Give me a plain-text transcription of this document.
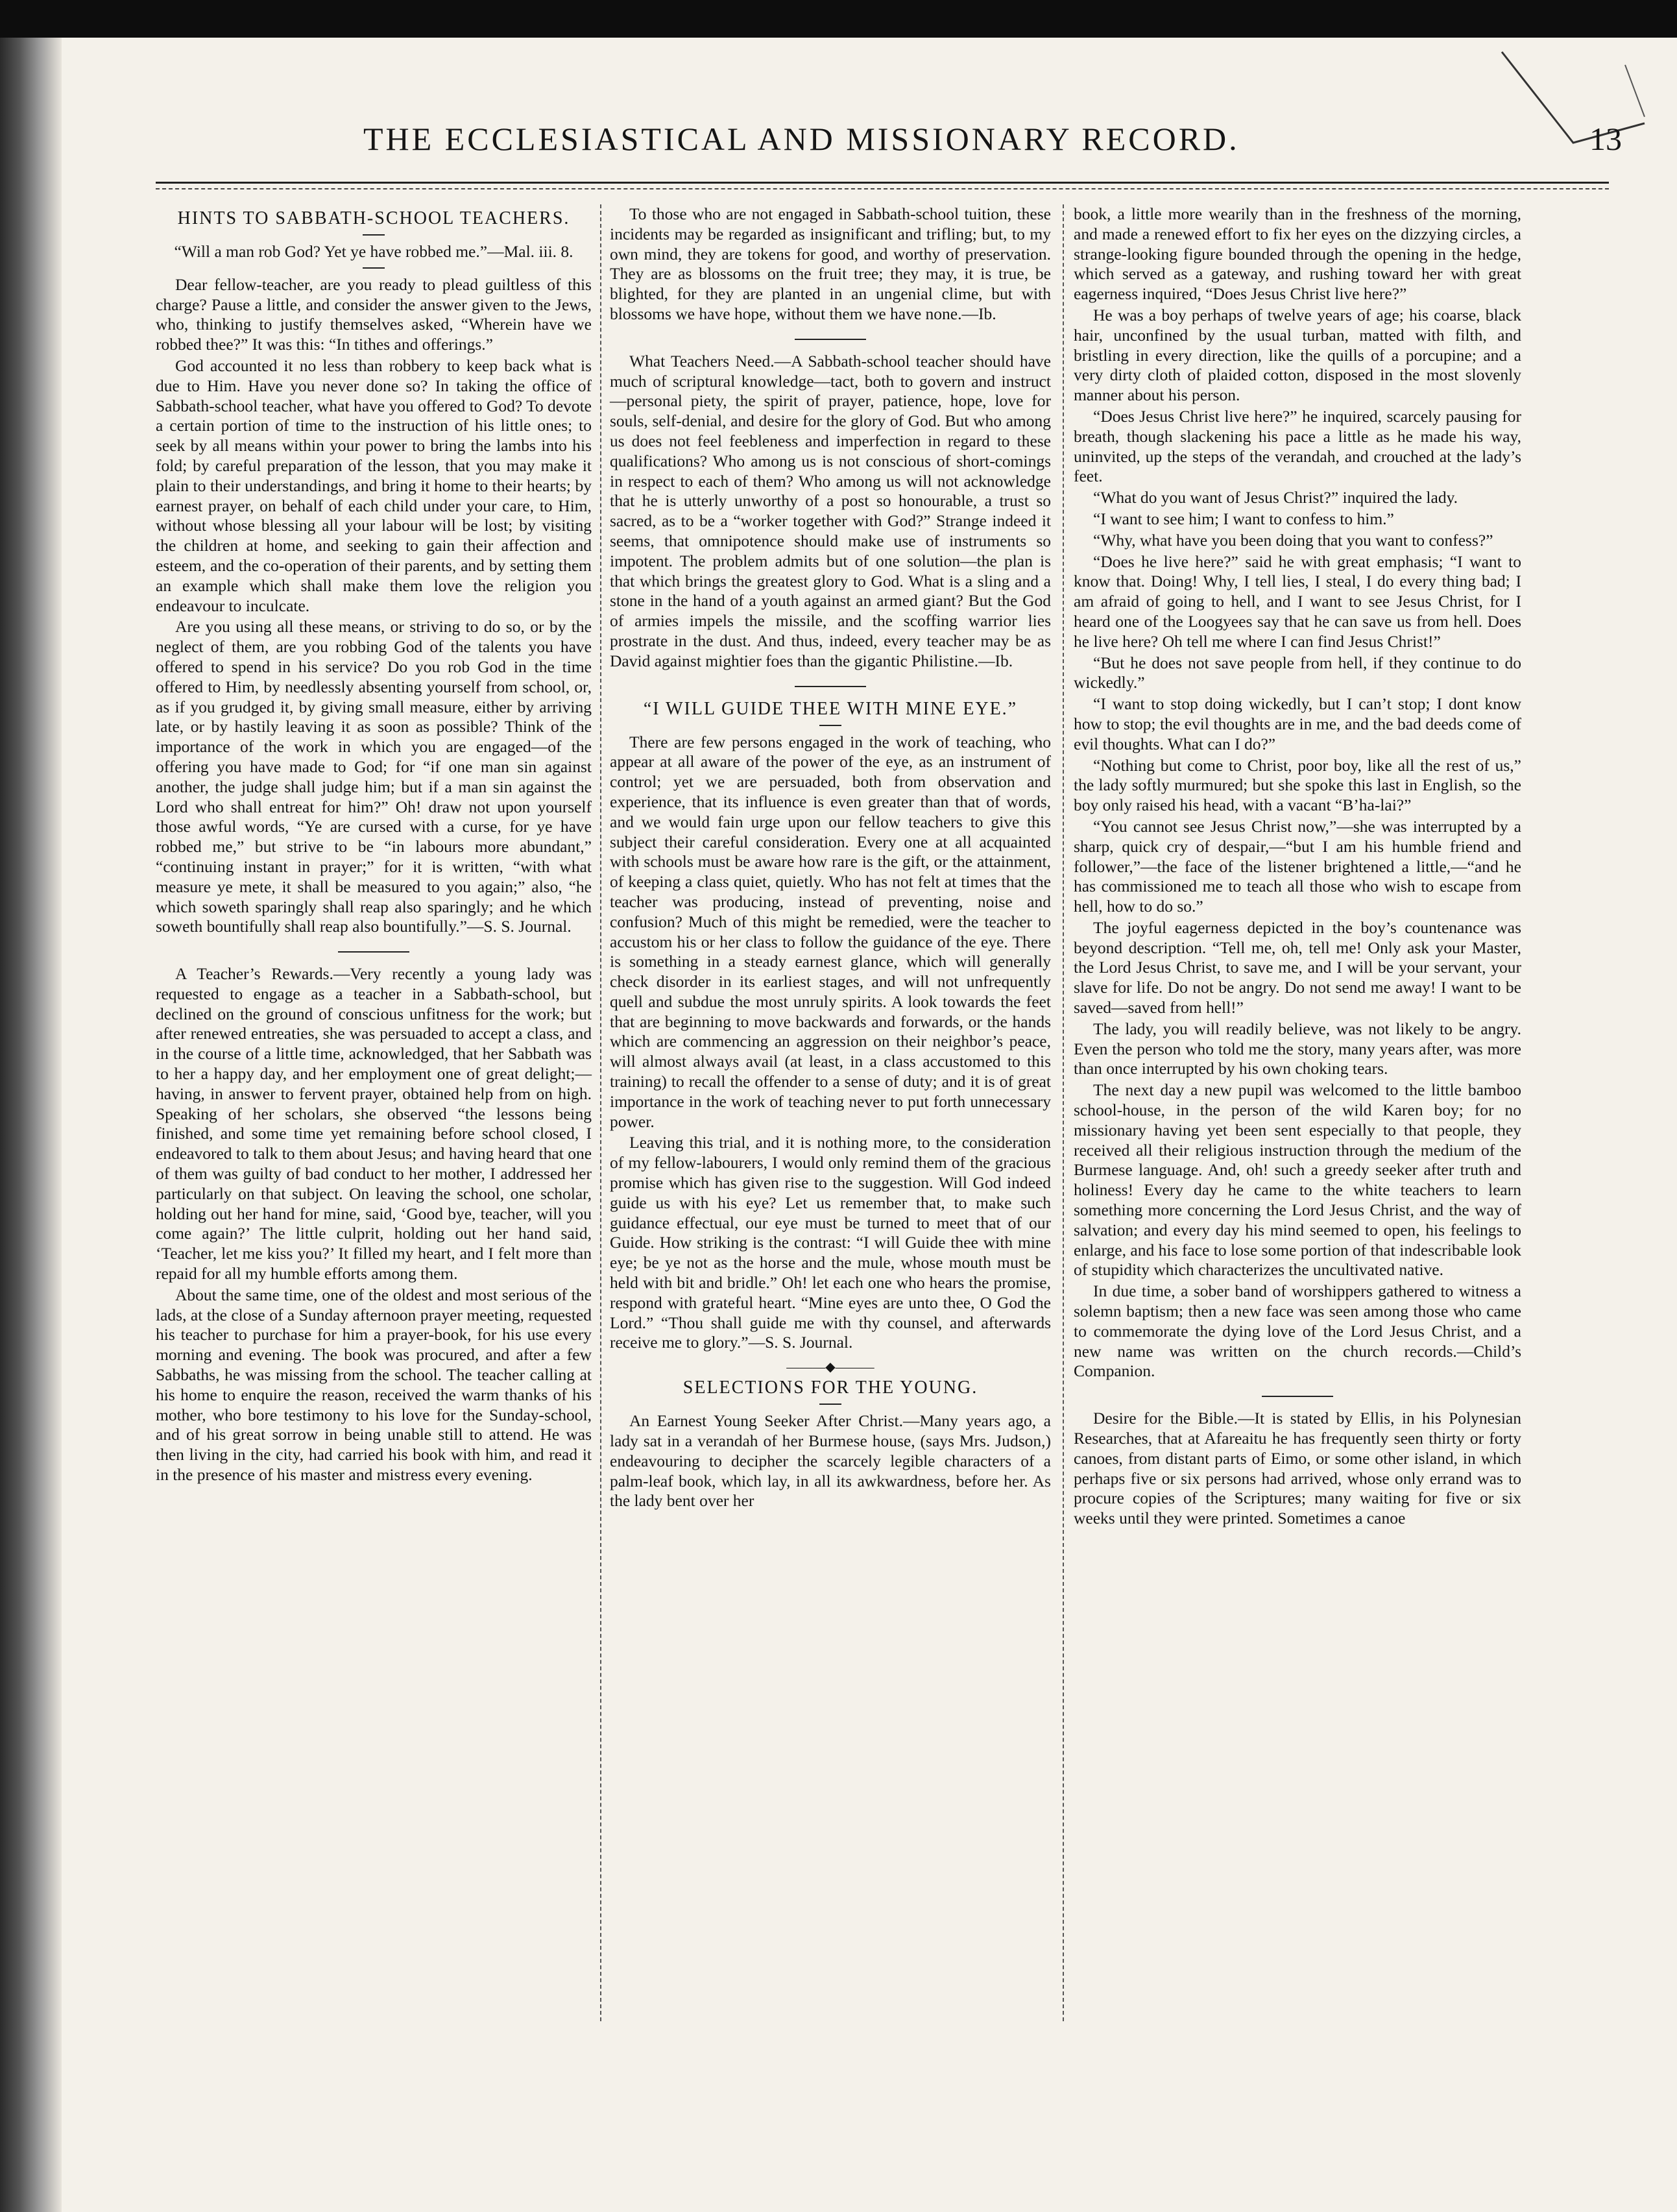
THE ECCLESIASTICAL AND MISSIONARY RECORD.	13
HINTS TO SABBATH-SCHOOL TEACHERS.

“Will a man rob God? Yet ye have robbed me.”—Mal. iii. 8.

Dear fellow-teacher, are you ready to plead guiltless of this charge? Pause a little, and consider the answer given to the Jews, who, thinking to justify themselves asked, “Wherein have we robbed thee?” It was this: “In tithes and offerings.”

God accounted it no less than robbery to keep back what is due to Him. Have you never done so? In taking the office of Sabbath-school teacher, what have you offered to God? To devote a certain portion of time to the instruction of his little ones; to seek by all means within your power to bring the lambs into his fold; by careful preparation of the lesson, that you may make it plain to their understandings, and bring it home to their hearts; by earnest prayer, on behalf of each child under your care, to Him, without whose blessing all your labour will be lost; by visiting the children at home, and seeking to gain their affection and esteem, and the co-operation of their parents, and by setting them an example which shall make them love the religion you endeavour to inculcate.

Are you using all these means, or striving to do so, or by the neglect of them, are you robbing God of the talents you have offered to spend in his service? Do you rob God in the time offered to Him, by needlessly absenting yourself from school, or, as if you grudged it, by giving small measure, either by arriving late, or by hastily leaving it as soon as possible? Think of the importance of the work in which you are engaged—of the offering you have made to God; for “if one man sin against another, the judge shall judge him; but if a man sin against the Lord who shall entreat for him?” Oh! draw not upon yourself those awful words, “Ye are cursed with a curse, for ye have robbed me,” but strive to be “in labours more abundant,” “continuing instant in prayer;” for it is written, “with what measure ye mete, it shall be measured to you again;” also, “he which soweth sparingly shall reap also sparingly; and he which soweth bountifully shall reap also bountifully.”—S. S. Journal.

A Teacher’s Rewards.—Very recently a young lady was requested to engage as a teacher in a Sabbath-school, but declined on the ground of conscious unfitness for the work; but after renewed entreaties, she was persuaded to accept a class, and in the course of a little time, acknowledged, that her Sabbath was to her a happy day, and her employment one of great delight;—having, in answer to fervent prayer, obtained help from on high. Speaking of her scholars, she observed “the lessons being finished, and some time yet remaining before school closed, I endeavored to talk to them about Jesus; and having heard that one of them was guilty of bad conduct to her mother, I addressed her particularly on that subject. On leaving the school, one scholar, holding out her hand for mine, said, ‘Good bye, teacher, will you come again?’ The little culprit, holding out her hand said, ‘Teacher, let me kiss you?’ It filled my heart, and I felt more than repaid for all my humble efforts among them.

About the same time, one of the oldest and most serious of the lads, at the close of a Sunday afternoon prayer meeting, requested his teacher to purchase for him a prayer-book, for his use every morning and evening. The book was procured, and after a few Sabbaths, he was missing from the school. The teacher calling at his home to enquire the reason, received the warm thanks of his mother, who bore testimony to his love for the Sunday-school, and of his great sorrow in being unable still to attend. He was then living in the city, had carried his book with him, and read it in the presence of his master and mistress every evening.

To those who are not engaged in Sabbath-school tuition, these incidents may be regarded as insignificant and trifling; but, to my own mind, they are tokens for good, and worthy of preservation. They are as blossoms on the fruit tree; they may, it is true, be blighted, for they are planted in an ungenial clime, but with blossoms we have hope, without them we have none.—Ib.

What Teachers Need.—A Sabbath-school teacher should have much of scriptural knowledge—tact, both to govern and instruct—personal piety, the spirit of prayer, patience, hope, love for souls, self-denial, and desire for the glory of God. But who among us does not feel feebleness and imperfection in regard to these qualifications? Who among us is not conscious of short-comings in respect to each of them? Who among us will not acknowledge that he is utterly unworthy of a post so honourable, a trust so sacred, as to be a “worker together with God?” Strange indeed it seems, that omnipotence should make use of instruments so impotent. The problem admits but of one solution—the plan is that which brings the greatest glory to God. What is a sling and a stone in the hand of a youth against an armed giant? But the God of armies impels the missile, and the scoffing warrior lies prostrate in the dust. And thus, indeed, every teacher may be as David against mightier foes than the gigantic Philistine.—Ib.

“I WILL GUIDE THEE WITH MINE EYE.”

There are few persons engaged in the work of teaching, who appear at all aware of the power of the eye, as an instrument of control; yet we are persuaded, both from observation and experience, that its influence is even greater than that of words, and we would fain urge upon our fellow teachers to give this subject their careful consideration. Every one at all acquainted with schools must be aware how rare is the gift, or the attainment, of keeping a class quiet, quietly. Who has not felt at times that the teacher was producing, instead of preventing, noise and confusion? Much of this might be remedied, were the teacher to accustom his or her class to follow the guidance of the eye. There is something in a steady earnest glance, which will generally check disorder in its earliest stages, and will not unfrequently quell and subdue the most unruly spirits. A look towards the feet that are beginning to move backwards and forwards, or the hands which are commencing an aggression on their neighbor’s peace, will almost always avail (at least, in a class accustomed to this training) to recall the offender to a sense of duty; and it is of great importance in the work of teaching never to put forth unnecessary power.

Leaving this trial, and it is nothing more, to the consideration of my fellow-labourers, I would only remind them of the gracious promise which has given rise to the suggestion. Will God indeed guide us with his eye? Let us remember that, to make such guidance effectual, our eye must be turned to meet that of our Guide. How striking is the contrast: “I will Guide thee with mine eye; be ye not as the horse and the mule, whose mouth must be held with bit and bridle.” Oh! let each one who hears the promise, respond with grateful heart. “Mine eyes are unto thee, O God the Lord.” “Thou shall guide me with thy counsel, and afterwards receive me to glory.”—S. S. Journal.

———◆———
SELECTIONS FOR THE YOUNG.

An Earnest Young Seeker After Christ.—Many years ago, a lady sat in a verandah of her Burmese house, (says Mrs. Judson,) endeavouring to decipher the scarcely legible characters of a palm-leaf book, which lay, in all its awkwardness, before her. As the lady bent over her

book, a little more wearily than in the freshness of the morning, and made a renewed effort to fix her eyes on the dizzying circles, a strange-looking figure bounded through the opening in the hedge, which served as a gateway, and rushing toward her with great eagerness inquired, “Does Jesus Christ live here?”

He was a boy perhaps of twelve years of age; his coarse, black hair, unconfined by the usual turban, matted with filth, and bristling in every direction, like the quills of a porcupine; and a very dirty cloth of plaided cotton, disposed in the most slovenly manner about his person.

“Does Jesus Christ live here?” he inquired, scarcely pausing for breath, though slackening his pace a little as he made his way, uninvited, up the steps of the verandah, and crouched at the lady’s feet.

“What do you want of Jesus Christ?” inquired the lady.

“I want to see him; I want to confess to him.”

“Why, what have you been doing that you want to confess?”

“Does he live here?” said he with great emphasis; “I want to know that. Doing! Why, I tell lies, I steal, I do every thing bad; I am afraid of going to hell, and I want to see Jesus Christ, for I heard one of the Loogyees say that he can save us from hell. Does he live here? Oh tell me where I can find Jesus Christ!”

“But he does not save people from hell, if they continue to do wickedly.”

“I want to stop doing wickedly, but I can’t stop; I dont know how to stop; the evil thoughts are in me, and the bad deeds come of evil thoughts. What can I do?”

“Nothing but come to Christ, poor boy, like all the rest of us,” the lady softly murmured; but she spoke this last in English, so the boy only raised his head, with a vacant “B’ha-lai?”

“You cannot see Jesus Christ now,”—she was interrupted by a sharp, quick cry of despair,—“but I am his humble friend and follower,”—the face of the listener brightened a little,—“and he has commissioned me to teach all those who wish to escape from hell, how to do so.”

The joyful eagerness depicted in the boy’s countenance was beyond description. “Tell me, oh, tell me! Only ask your Master, the Lord Jesus Christ, to save me, and I will be your servant, your slave for life. Do not be angry. Do not send me away! I want to be saved—saved from hell!”

The lady, you will readily believe, was not likely to be angry. Even the person who told me the story, many years after, was more than once interrupted by his own choking tears.

The next day a new pupil was welcomed to the little bamboo school-house, in the person of the wild Karen boy; for no missionary having yet been sent especially to that people, they received all their religious instruction through the medium of the Burmese language. And, oh! such a greedy seeker after truth and holiness! Every day he came to the white teachers to learn something more concerning the Lord Jesus Christ, and the way of salvation; and every day his mind seemed to open, his feelings to enlarge, and his face to lose some portion of that indescribable look of stupidity which characterizes the uncultivated native.

In due time, a sober band of worshippers gathered to witness a solemn baptism; then a new face was seen among those who came to commemorate the dying love of the Lord Jesus Christ, and a new name was written on the church records.—Child’s Companion.

Desire for the Bible.—It is stated by Ellis, in his Polynesian Researches, that at Afareaitu he has frequently seen thirty or forty canoes, from distant parts of Eimo, or some other island, in which perhaps five or six persons had arrived, whose only errand was to procure copies of the Scriptures; many waiting for five or six weeks until they were printed. Sometimes a canoe
